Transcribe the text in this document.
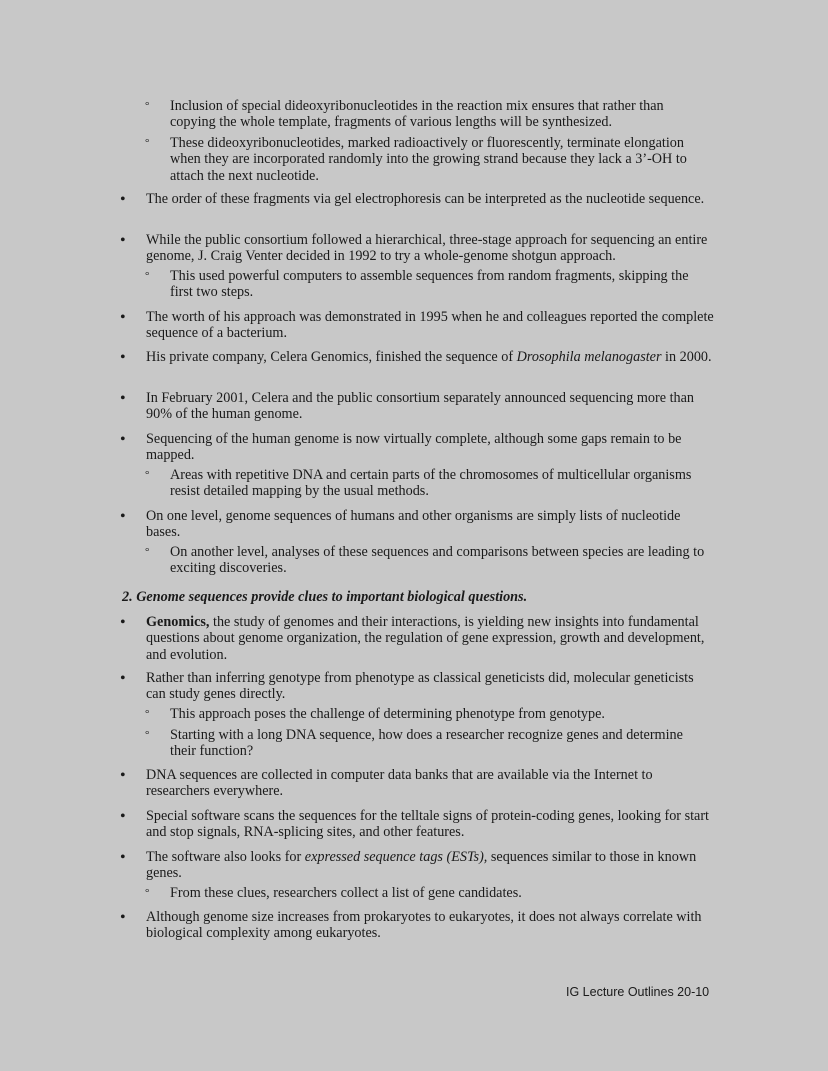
° Inclusion of special dideoxyribonucleotides in the reaction mix ensures that rather than copying the whole template, fragments of various lengths will be synthesized.
° These dideoxyribonucleotides, marked radioactively or fluorescently, terminate elongation when they are incorporated randomly into the growing strand because they lack a 3’-OH to attach the next nucleotide.
• The order of these fragments via gel electrophoresis can be interpreted as the nucleotide sequence.
• While the public consortium followed a hierarchical, three-stage approach for sequencing an entire genome, J. Craig Venter decided in 1992 to try a whole-genome shotgun approach.
° This used powerful computers to assemble sequences from random fragments, skipping the first two steps.
• The worth of his approach was demonstrated in 1995 when he and colleagues reported the complete sequence of a bacterium.
• His private company, Celera Genomics, finished the sequence of Drosophila melanogaster in 2000.
• In February 2001, Celera and the public consortium separately announced sequencing more than 90% of the human genome.
• Sequencing of the human genome is now virtually complete, although some gaps remain to be mapped.
° Areas with repetitive DNA and certain parts of the chromosomes of multicellular organisms resist detailed mapping by the usual methods.
• On one level, genome sequences of humans and other organisms are simply lists of nucleotide bases.
° On another level, analyses of these sequences and comparisons between species are leading to exciting discoveries.
2. Genome sequences provide clues to important biological questions.
• Genomics, the study of genomes and their interactions, is yielding new insights into fundamental questions about genome organization, the regulation of gene expression, growth and development, and evolution.
• Rather than inferring genotype from phenotype as classical geneticists did, molecular geneticists can study genes directly.
° This approach poses the challenge of determining phenotype from genotype.
° Starting with a long DNA sequence, how does a researcher recognize genes and determine their function?
• DNA sequences are collected in computer data banks that are available via the Internet to researchers everywhere.
• Special software scans the sequences for the telltale signs of protein-coding genes, looking for start and stop signals, RNA-splicing sites, and other features.
• The software also looks for expressed sequence tags (ESTs), sequences similar to those in known genes.
° From these clues, researchers collect a list of gene candidates.
• Although genome size increases from prokaryotes to eukaryotes, it does not always correlate with biological complexity among eukaryotes.
IG Lecture Outlines 20-10
